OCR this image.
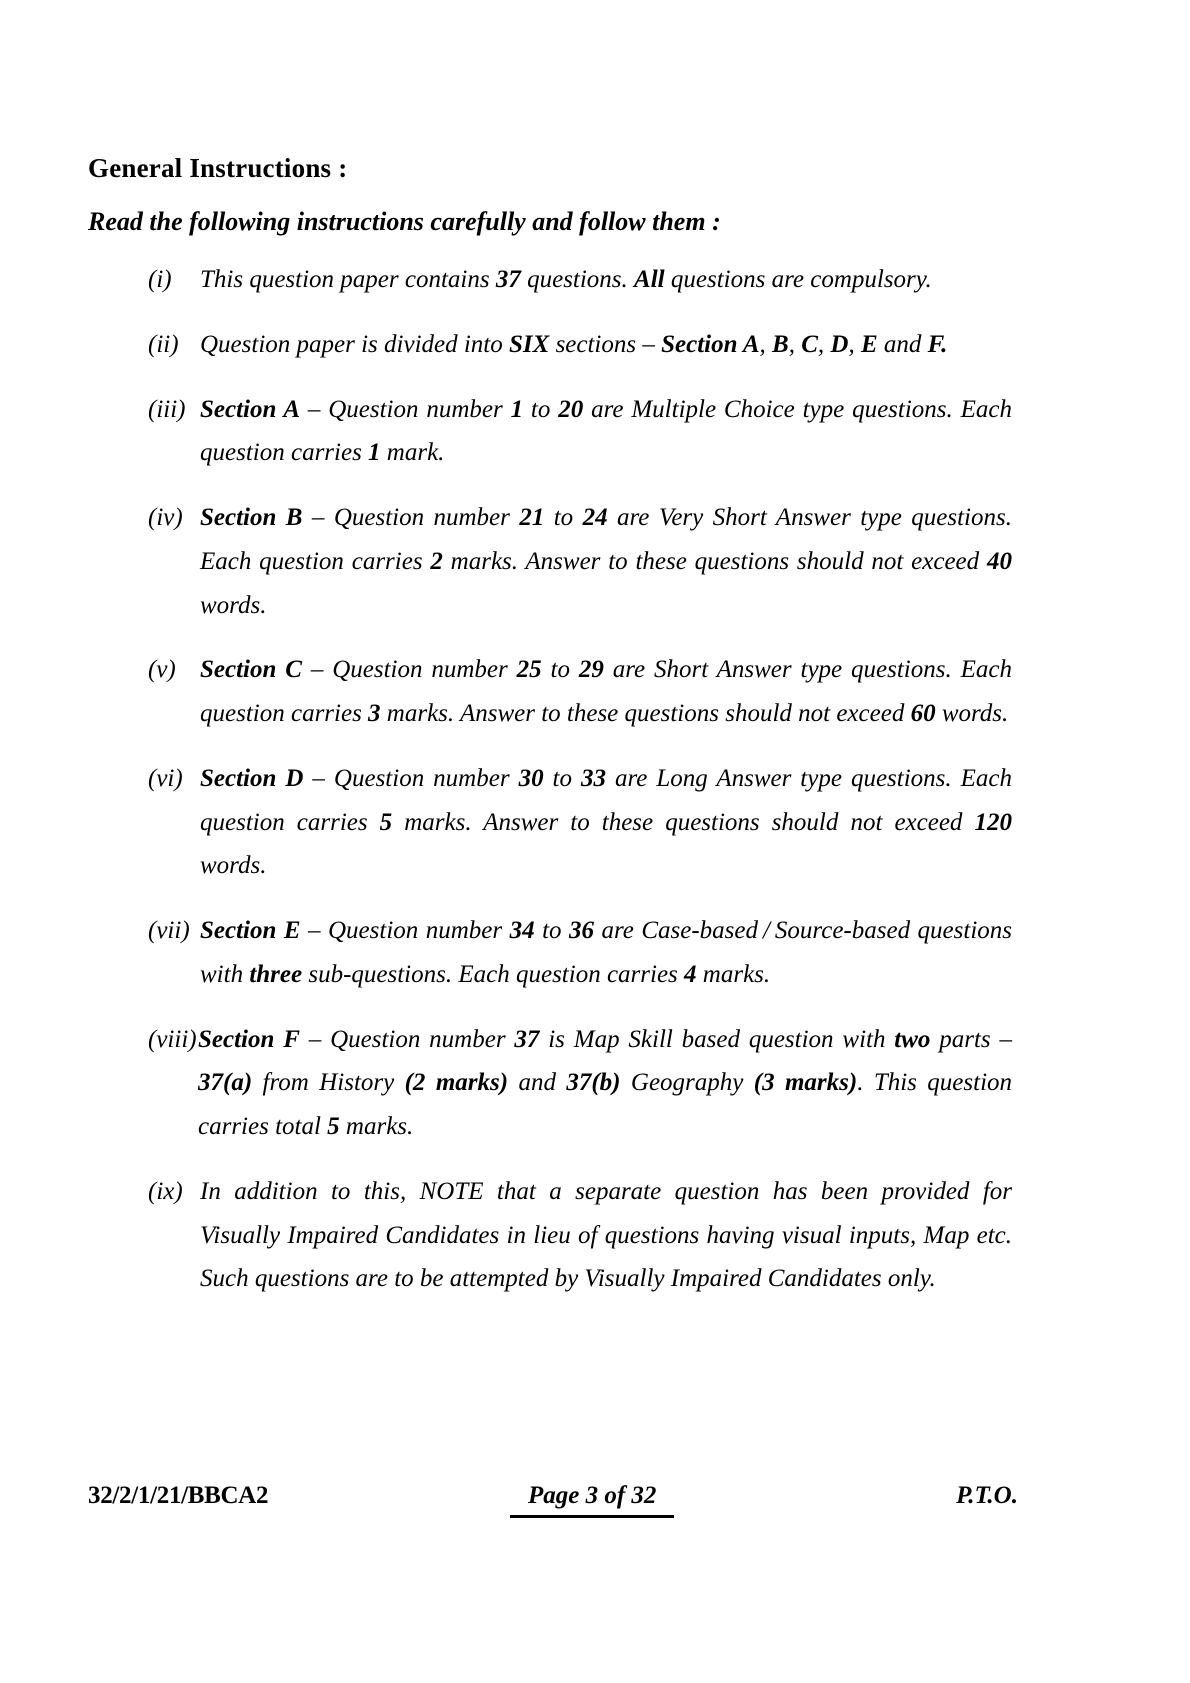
General Instructions :
Read the following instructions carefully and follow them :
(i)	This question paper contains 37 questions. All questions are compulsory.
(ii) Question paper is divided into SIX sections – Section A, B, C, D, E and F.
(iii) Section A – Question number 1 to 20 are Multiple Choice type questions. Each question carries 1 mark.
(iv) Section B – Question number 21 to 24 are Very Short Answer type questions. Each question carries 2 marks. Answer to these questions should not exceed 40 words.
(v) Section C – Question number 25 to 29 are Short Answer type questions. Each question carries 3 marks. Answer to these questions should not exceed 60 words.
(vi) Section D – Question number 30 to 33 are Long Answer type questions. Each question carries 5 marks. Answer to these questions should not exceed 120 words.
(vii) Section E – Question number 34 to 36 are Case-based / Source-based questions with three sub-questions. Each question carries 4 marks.
(viii) Section F – Question number 37 is Map Skill based question with two parts – 37(a) from History (2 marks) and 37(b) Geography (3 marks). This question carries total 5 marks.
(ix) In addition to this, NOTE that a separate question has been provided for Visually Impaired Candidates in lieu of questions having visual inputs, Map etc. Such questions are to be attempted by Visually Impaired Candidates only.
32/2/1/21/BBCA2	Page 3 of 32	P.T.O.
